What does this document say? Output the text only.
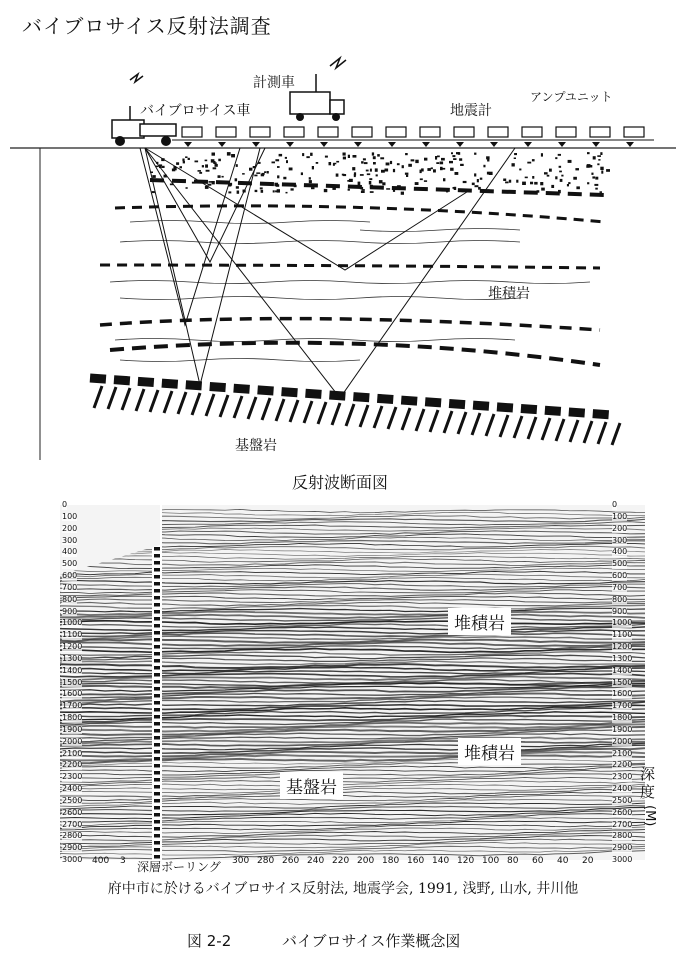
バイブロサイス反射法調査
バイブロサイス車
計測車
地震計
アンプユニット
堆積岩
基盤岩
反射波断面図
0
100
200
300
400
500
600
700
800
900
1000
1100
1200
1300
1400
1500
1600
1700
1800
1900
2000
2100
2200
2300
2400
2500
2600
2700
2800
2900
3000
0
100
200
300
400
500
600
700
800
900
1000
1100
1200
1300
1400
1500
1600
1700
1800
1900
2000
2100
2200
2300
2400
2500
2600
2700
2800
2900
3000
堆積岩
堆積岩
基盤岩
深度
(M)
400 3	300 280 260 240 220 200 180 160 140 120 100 80 60 40 20
深層ボーリング
府中市に於けるバイブロサイス反射法, 地震学会, 1991, 浅野, 山水, 井川他
図 2-2	バイブロサイス作業概念図
